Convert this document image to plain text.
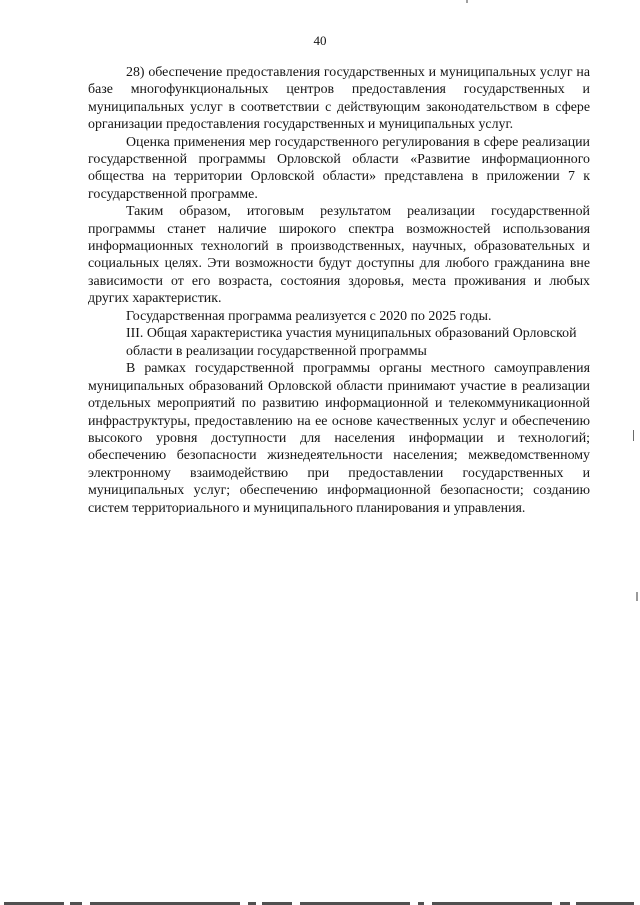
40

28) обеспечение предоставления государственных и муниципальных услуг на базе многофункциональных центров предоставления государственных и муниципальных услуг в соответствии с действующим законодательством в сфере организации предоставления государственных и муниципальных услуг.

Оценка применения мер государственного регулирования в сфере реализации государственной программы Орловской области «Развитие информационного общества на территории Орловской области» представлена в приложении 7 к государственной программе.

Таким образом, итоговым результатом реализации государственной программы станет наличие широкого спектра возможностей использования информационных технологий в производственных, научных, образовательных и социальных целях. Эти возможности будут доступны для любого гражданина вне зависимости от его возраста, состояния здоровья, места проживания и любых других характеристик.

Государственная программа реализуется с 2020 по 2025 годы.

III. Общая характеристика участия муниципальных образований Орловской
области в реализации государственной программы

В рамках государственной программы органы местного самоуправления муниципальных образований Орловской области принимают участие в реализации отдельных мероприятий по развитию информационной и телекоммуникационной инфраструктуры, предоставлению на ее основе качественных услуг и обеспечению высокого уровня доступности для населения информации и технологий; обеспечению безопасности жизнедеятельности населения; межведомственному электронному взаимодействию при предоставлении государственных и муниципальных услуг; обеспечению информационной безопасности; созданию систем территориального и муниципального планирования и управления.
